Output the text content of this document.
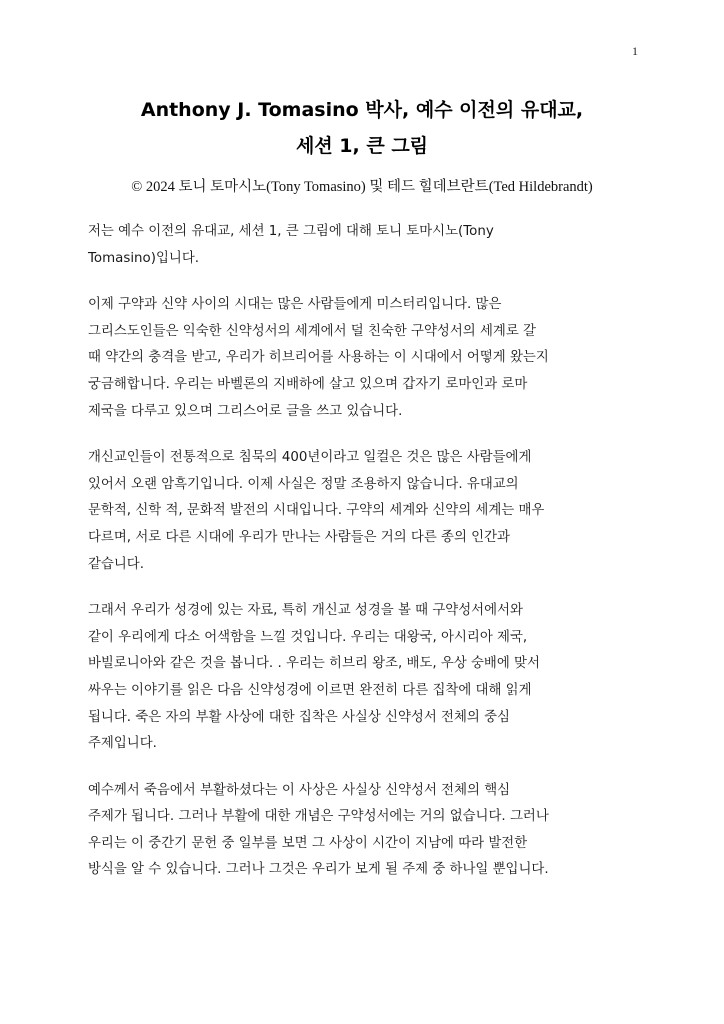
1
Anthony J. Tomasino 박사, 예수 이전의 유대교,
세션 1, 큰 그림
© 2024 토니 토마시노(Tony Tomasino) 및 테드 힐데브란트(Ted Hildebrandt)

저는 예수 이전의 유대교, 세션 1, 큰 그림에 대해 토니 토마시노(Tony
Tomasino)입니다.

이제 구약과 신약 사이의 시대는 많은 사람들에게 미스터리입니다. 많은
그리스도인들은 익숙한 신약성서의 세계에서 덜 친숙한 구약성서의 세계로 갈
때 약간의 충격을 받고, 우리가 히브리어를 사용하는 이 시대에서 어떻게 왔는지
궁금해합니다. 우리는 바벨론의 지배하에 살고 있으며 갑자기 로마인과 로마
제국을 다루고 있으며 그리스어로 글을 쓰고 있습니다.

개신교인들이 전통적으로 침묵의 400년이라고 일컬은 것은 많은 사람들에게
있어서 오랜 암흑기입니다. 이제 사실은 정말 조용하지 않습니다. 유대교의
문학적, 신학 적, 문화적 발전의 시대입니다. 구약의 세계와 신약의 세계는 매우
다르며, 서로 다른 시대에 우리가 만나는 사람들은 거의 다른 종의 인간과
같습니다.

그래서 우리가 성경에 있는 자료, 특히 개신교 성경을 볼 때 구약성서에서와
같이 우리에게 다소 어색함을 느낄 것입니다. 우리는 대왕국, 아시리아 제국,
바빌로니아와 같은 것을 봅니다. . 우리는 히브리 왕조, 배도, 우상 숭배에 맞서
싸우는 이야기를 읽은 다음 신약성경에 이르면 완전히 다른 집착에 대해 읽게
됩니다. 죽은 자의 부활 사상에 대한 집착은 사실상 신약성서 전체의 중심
주제입니다.

예수께서 죽음에서 부활하셨다는 이 사상은 사실상 신약성서 전체의 핵심
주제가 됩니다. 그러나 부활에 대한 개념은 구약성서에는 거의 없습니다. 그러나
우리는 이 중간기 문헌 중 일부를 보면 그 사상이 시간이 지남에 따라 발전한
방식을 알 수 있습니다. 그러나 그것은 우리가 보게 될 주제 중 하나일 뿐입니다.
